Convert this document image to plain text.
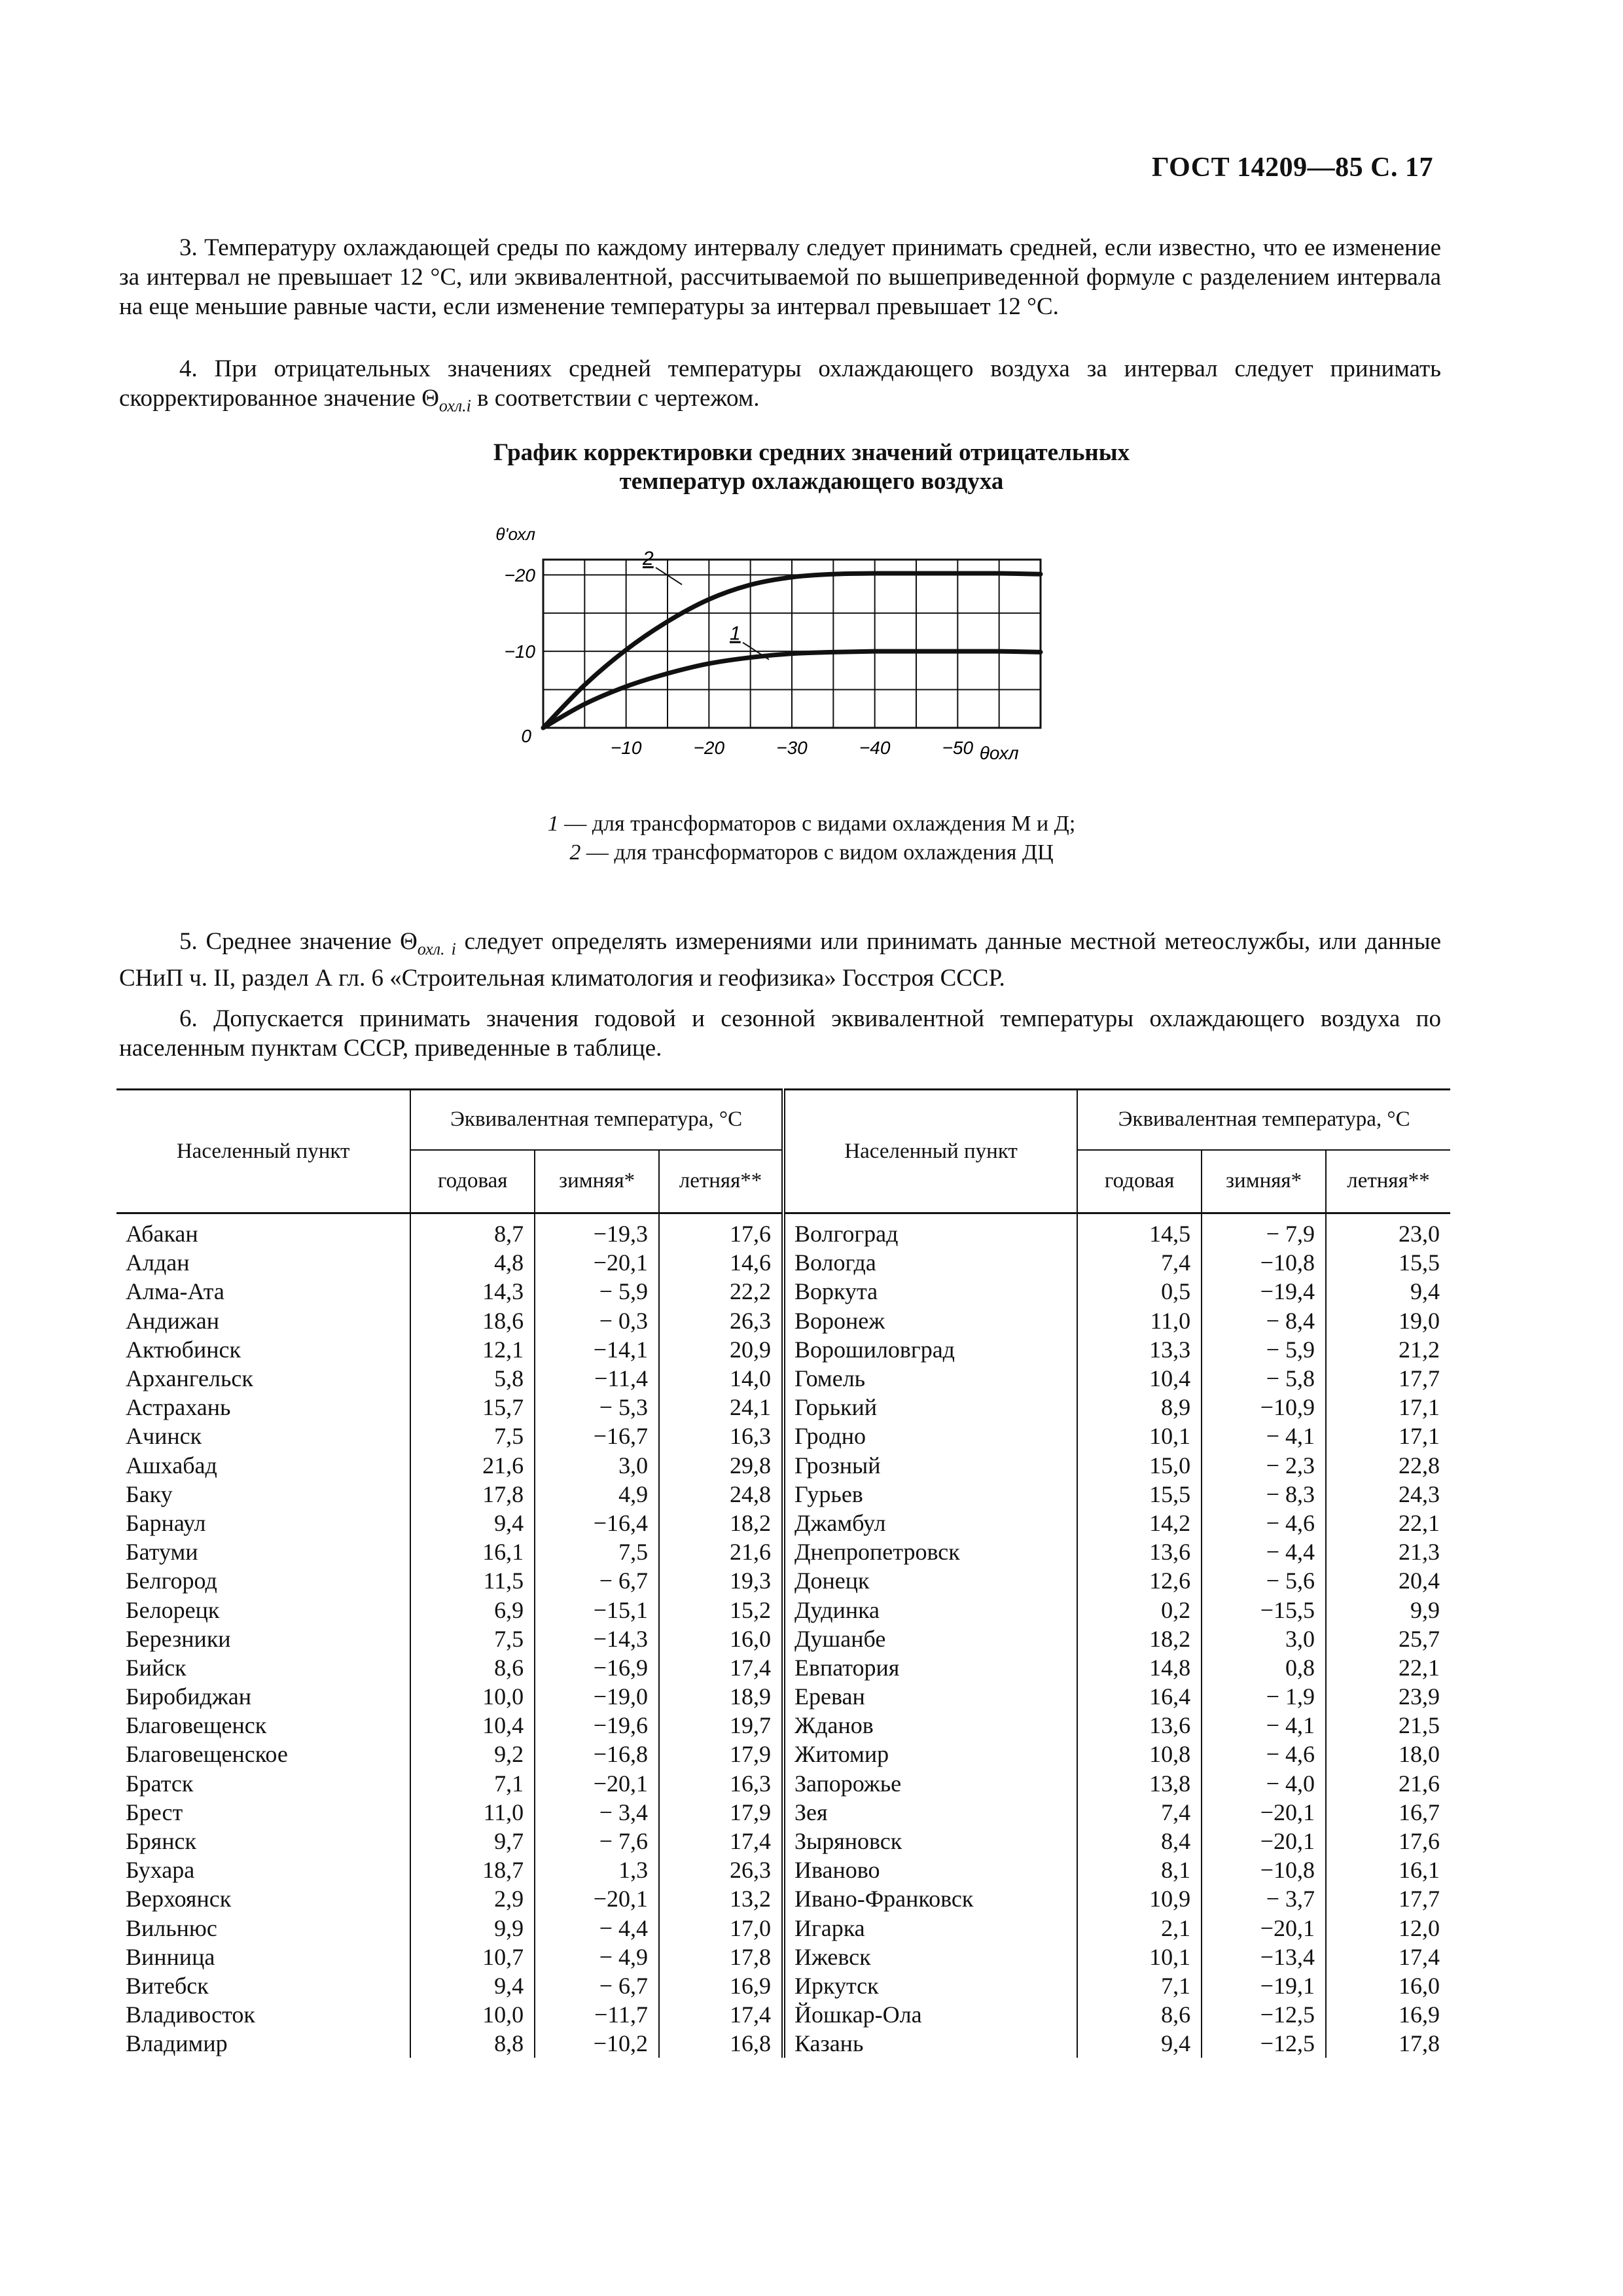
ГОСТ 14209—85 С. 17
3. Температуру охлаждающей среды по каждому интервалу следует принимать средней, если известно, что ее изменение за интервал не превышает 12 °С, или эквивалентной, рассчитываемой по вышеприведенной формуле с разделением интервала на еще меньшие равные части, если изменение температуры за интервал превышает 12 °С.
4. При отрицательных значениях средней температуры охлаждающего воздуха за интервал следует принимать скорректированное значение $\Theta_{охл.i}$ в соответствии с чертежом.
График корректировки средних значений отрицательных
температур охлаждающего воздуха
1
2
−10	−20	−30	−40	−50
−10
−20
0
θ'охл
θохл
1 — для трансформаторов с видами охлаждения М и Д;
2 — для трансформаторов с видом охлаждения ДЦ
5. Среднее значение $\Theta_{охл. i}$ следует определять измерениями или принимать данные местной метеослужбы, или данные СНиП ч. II, раздел А гл. 6 «Строительная климатология и геофизика» Госстроя СССР.
6. Допускается принимать значения годовой и сезонной эквивалентной температуры охлаждающего воздуха по населенным пунктам СССР, приведенные в таблице.
Населенный пункт	Эквивалентная температура, °С			Населенный пункт	Эквивалентная температура, °С		
	годовая	зимняя*	летняя**		годовая	зимняя*	летняя**
Абакан	8,7	−19,3	17,6	Волгоград	14,5	− 7,9	23,0
Алдан	4,8	−20,1	14,6	Вологда	7,4	−10,8	15,5
Алма-Ата	14,3	− 5,9	22,2	Воркута	0,5	−19,4	9,4
Андижан	18,6	− 0,3	26,3	Воронеж	11,0	− 8,4	19,0
Актюбинск	12,1	−14,1	20,9	Ворошиловград	13,3	− 5,9	21,2
Архангельск	5,8	−11,4	14,0	Гомель	10,4	− 5,8	17,7
Астрахань	15,7	− 5,3	24,1	Горький	8,9	−10,9	17,1
Ачинск	7,5	−16,7	16,3	Гродно	10,1	− 4,1	17,1
Ашхабад	21,6	3,0	29,8	Грозный	15,0	− 2,3	22,8
Баку	17,8	4,9	24,8	Гурьев	15,5	− 8,3	24,3
Барнаул	9,4	−16,4	18,2	Джамбул	14,2	− 4,6	22,1
Батуми	16,1	7,5	21,6	Днепропетровск	13,6	− 4,4	21,3
Белгород	11,5	− 6,7	19,3	Донецк	12,6	− 5,6	20,4
Белорецк	6,9	−15,1	15,2	Дудинка	0,2	−15,5	9,9
Березники	7,5	−14,3	16,0	Душанбе	18,2	3,0	25,7
Бийск	8,6	−16,9	17,4	Евпатория	14,8	0,8	22,1
Биробиджан	10,0	−19,0	18,9	Ереван	16,4	− 1,9	23,9
Благовещенск	10,4	−19,6	19,7	Жданов	13,6	− 4,1	21,5
Благовещенское	9,2	−16,8	17,9	Житомир	10,8	− 4,6	18,0
Братск	7,1	−20,1	16,3	Запорожье	13,8	− 4,0	21,6
Брест	11,0	− 3,4	17,9	Зея	7,4	−20,1	16,7
Брянск	9,7	− 7,6	17,4	Зыряновск	8,4	−20,1	17,6
Бухара	18,7	1,3	26,3	Иваново	8,1	−10,8	16,1
Верхоянск	2,9	−20,1	13,2	Ивано-Франковск	10,9	− 3,7	17,7
Вильнюс	9,9	− 4,4	17,0	Игарка	2,1	−20,1	12,0
Винница	10,7	− 4,9	17,8	Ижевск	10,1	−13,4	17,4
Витебск	9,4	− 6,7	16,9	Иркутск	7,1	−19,1	16,0
Владивосток	10,0	−11,7	17,4	Йошкар-Ола	8,6	−12,5	16,9
Владимир	8,8	−10,2	16,8	Казань	9,4	−12,5	17,8
